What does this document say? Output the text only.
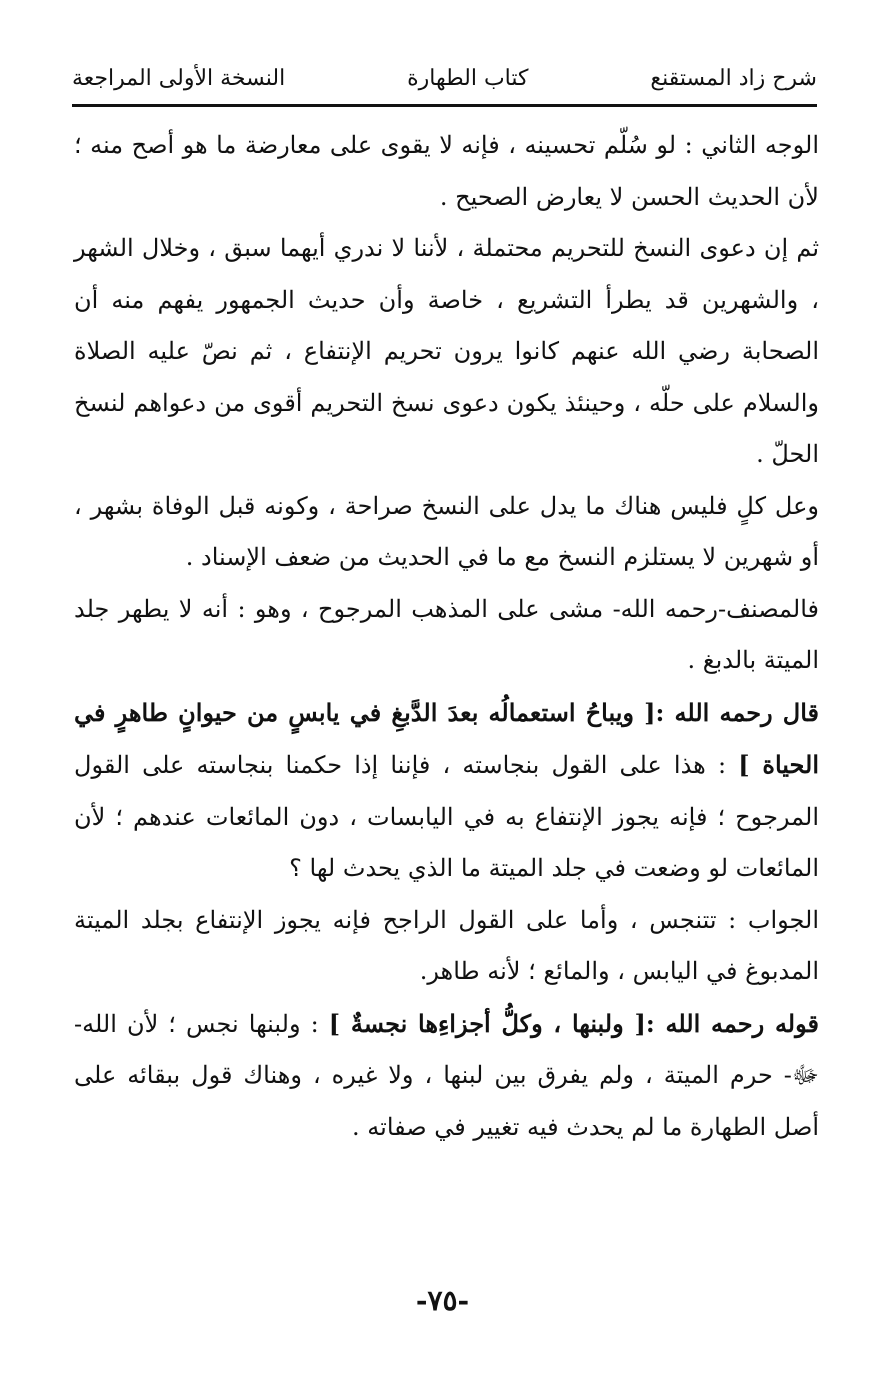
شرح زاد المستقنع
كتاب الطهارة
النسخة الأولى المراجعة

الوجه الثاني : لو سُلّم تحسينه ، فإنه لا يقوى على معارضة ما هو أصح منه ؛ لأن الحديث الحسن لا يعارض الصحيح .

ثم إن دعوى النسخ للتحريم محتملة ، لأننا لا ندري أيهما سبق ، وخلال الشهر ، والشهرين قد يطرأ التشريع ، خاصة وأن حديث الجمهور يفهم منه أن الصحابة رضي الله عنهم كانوا يرون تحريم الإنتفاع ، ثم نصّ عليه الصلاة والسلام على حلّه ، وحينئذ يكون دعوى نسخ التحريم أقوى من دعواهم لنسخ الحلّ .

وعل كلٍ فليس هناك ما يدل على النسخ صراحة ، وكونه قبل الوفاة بشهر ، أو شهرين لا يستلزم النسخ مع ما في الحديث من ضعف الإسناد .

فالمصنف-رحمه الله- مشى على المذهب المرجوح ، وهو : أنه لا يطهر جلد الميتة بالدبغ .

قال رحمه الله :[ ويباحُ استعمالُه بعدَ الدَّبغِ في يابسٍ من حيوانٍ طاهرٍ في الحياة ] : هذا على القول بنجاسته ، فإننا إذا حكمنا بنجاسته على القول المرجوح ؛ فإنه يجوز الإنتفاع به في اليابسات ، دون المائعات عندهم ؛ لأن المائعات لو وضعت في جلد الميتة ما الذي يحدث لها ؟

الجواب : تتنجس ، وأما على القول الراجح فإنه يجوز الإنتفاع بجلد الميتة المدبوغ في اليابس ، والمائع ؛ لأنه طاهر.

قوله رحمه الله :[ ولبنها ، وكلُّ أجزاءِها نجسةٌ ] : ولبنها نجس ؛ لأن الله- ﷻ- حرم الميتة ، ولم يفرق بين لبنها ، ولا غيره ، وهناك قول ببقائه على أصل الطهارة ما لم يحدث فيه تغيير في صفاته .

-٧٥-
